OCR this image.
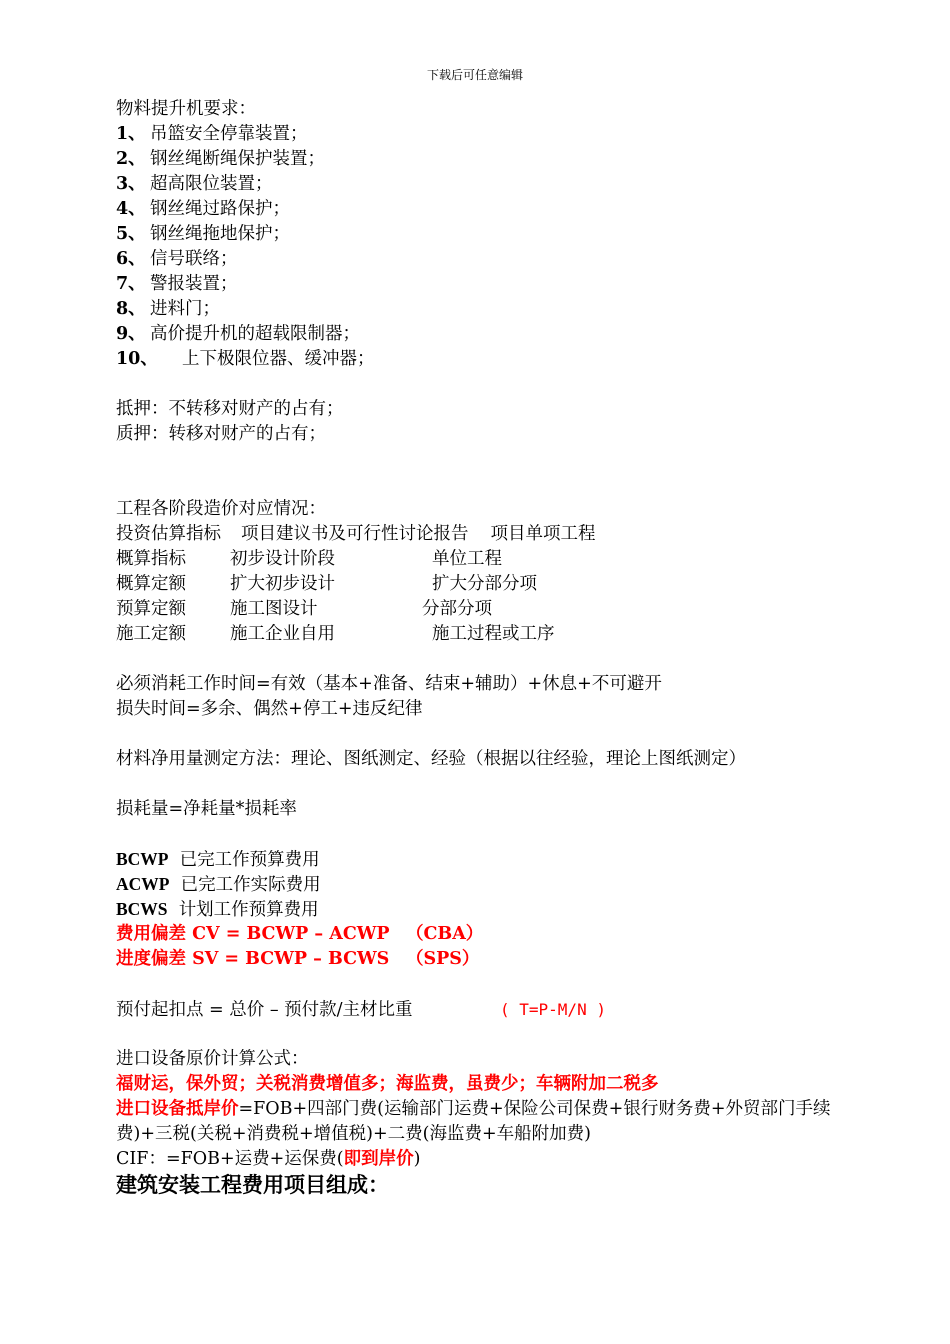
下载后可任意编辑
物料提升机要求：
1、 吊篮安全停靠装置；
2、 钢丝绳断绳保护装置；
3、 超高限位装置；
4、 钢丝绳过路保护；
5、 钢丝绳拖地保护；
6、 信号联络；
7、 警报装置；
8、 进料门；
9、 高价提升机的超载限制器；
10、 上下极限位器、缓冲器；
抵押：不转移对财产的占有；
质押：转移对财产的占有；
工程各阶段造价对应情况：
投资估算指标 项目建议书及可行性讨论报告 项目单项工程
概算指标	初步设计阶段	单位工程
概算定额	扩大初步设计	扩大分部分项
预算定额	施工图设计	分部分项
施工定额	施工企业自用	施工过程或工序
必须消耗工作时间=有效（基本+准备、结束+辅助）+休息+不可避开
损失时间=多余、偶然+停工+违反纪律
材料净用量测定方法：理论、图纸测定、经验（根据以往经验，理论上图纸测定）
损耗量=净耗量*损耗率
BCWP 已完工作预算费用
ACWP 已完工作实际费用
BCWS 计划工作预算费用
费用偏差 CV = BCWP – ACWP （CBA）
进度偏差 SV = BCWP – BCWS （SPS）
预付起扣点 = 总价 – 预付款/主材比重	( T=P-M/N )
进口设备原价计算公式：
福财运，保外贸；关税消费增值多；海监费，虽费少；车辆附加二税多
进口设备抵岸价=FOB+四部门费(运输部门运费+保险公司保费+银行财务费+外贸部门手续费)+三税(关税+消费税+增值税)+二费(海监费+车船附加费)
CIF：=FOB+运费+运保费(即到岸价)
建筑安装工程费用项目组成：
